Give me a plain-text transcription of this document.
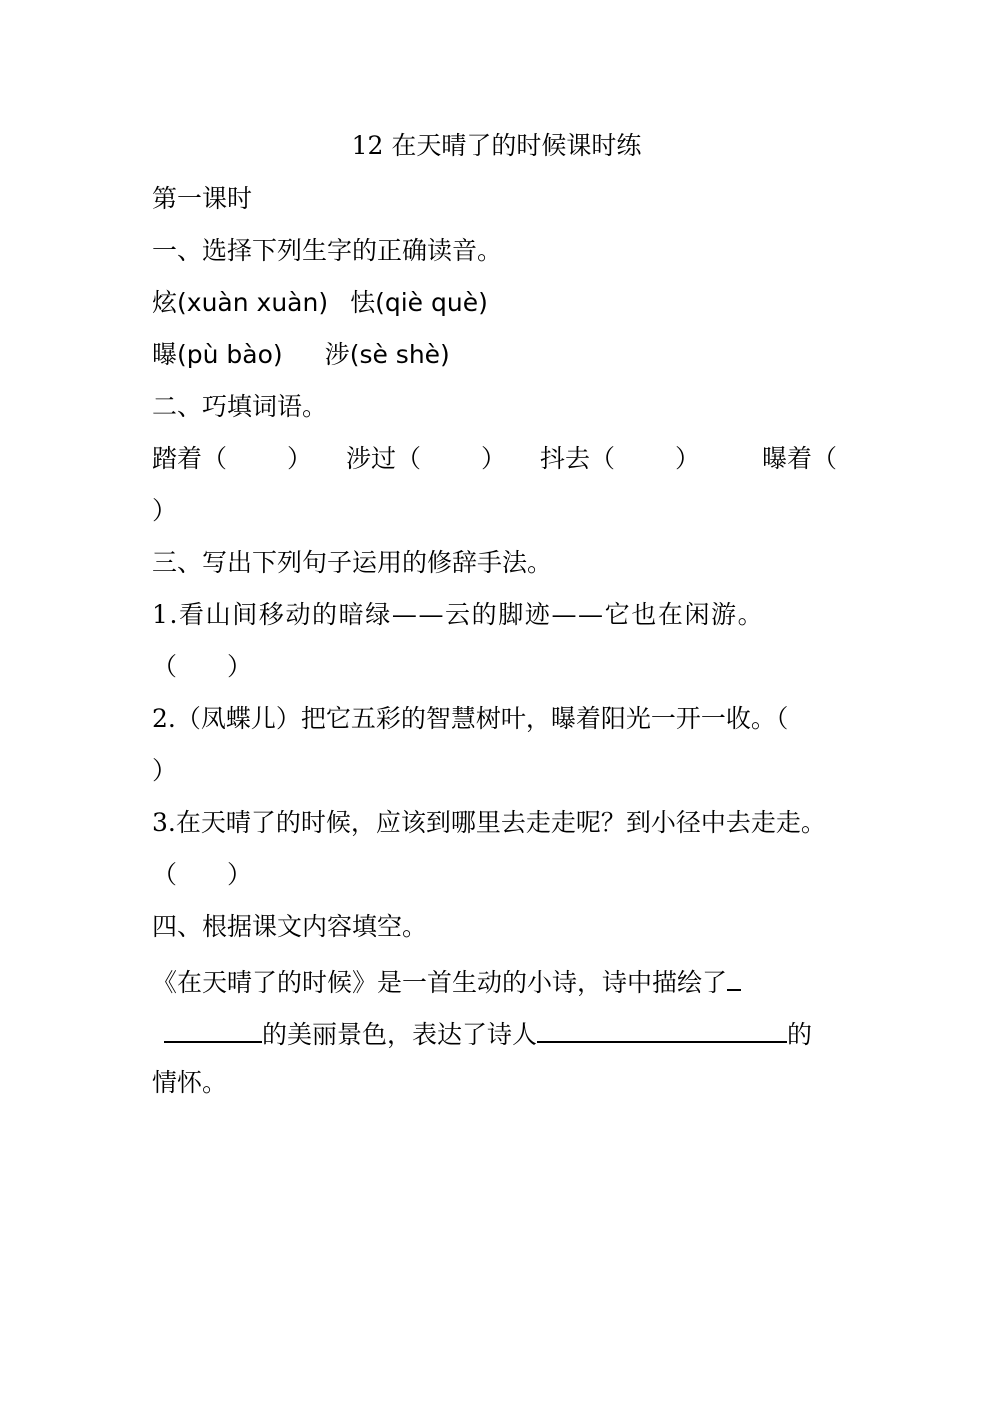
12 在天晴了的时候课时练
第一课时
一、选择下列生字的正确读音。
炫(xuàn xuàn) 怯(qiè què)
曝(pù bào) 涉(sè shè)
二、巧填词语。
踏着（ ） 涉过（ ） 抖去（ ） 曝着（
）
三、写出下列句子运用的修辞手法。
1.看山间移动的暗绿——云的脚迹——它也在闲游。
（　　）
2.（凤蝶儿）把它五彩的智慧树叶，曝着阳光一开一收。（
）
3.在天晴了的时候，应该到哪里去走走呢？到小径中去走走。
（　　）
四、根据课文内容填空。
《在天晴了的时候》是一首生动的小诗，诗中描绘了
的美丽景色，表达了诗人	的
情怀。
